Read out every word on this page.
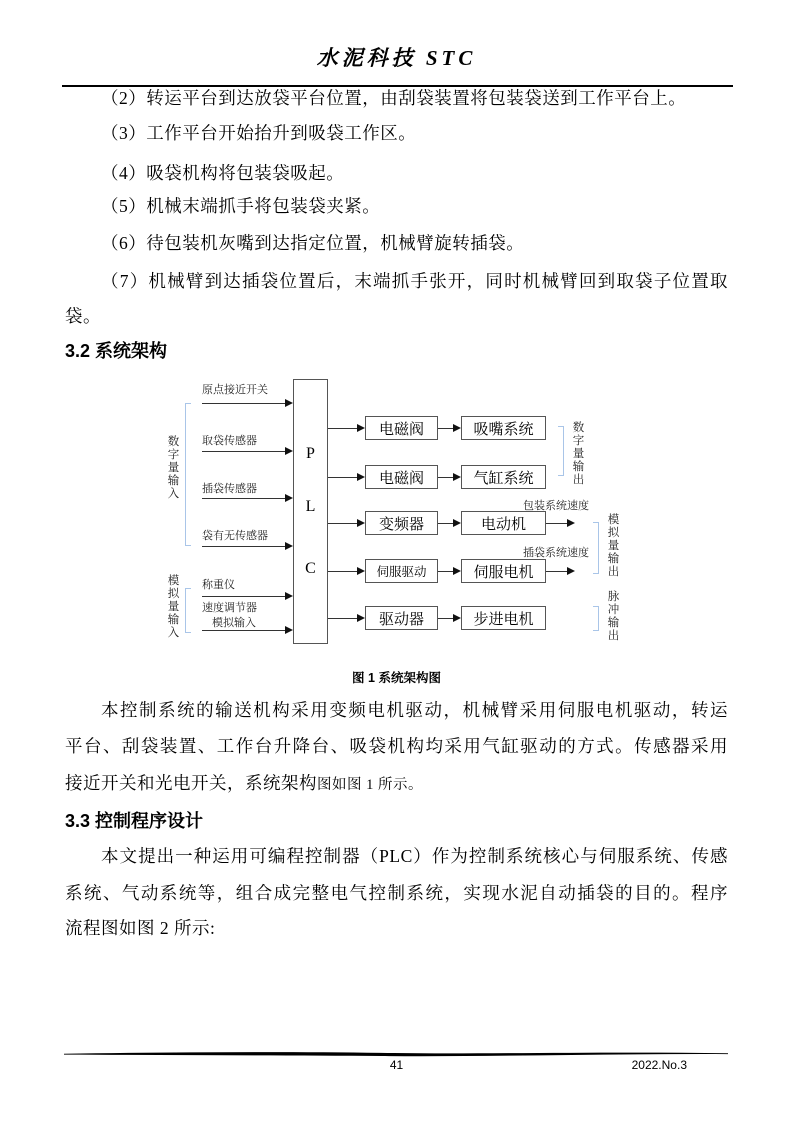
水泥科技 STC

（2）转运平台到达放袋平台位置，由刮袋装置将包装袋送到工作平台上。

（3）工作平台开始抬升到吸袋工作区。

（4）吸袋机构将包装袋吸起。

（5）机械末端抓手将包装袋夹紧。

（6）待包装机灰嘴到达指定位置，机械臂旋转插袋。

（7）机械臂到达插袋位置后，末端抓手张开，同时机械臂回到取袋子位置取

袋。

3.2 系统架构
数字量输入
模拟量输入
原点接近开关
取袋传感器
插袋传感器
袋有无传感器
称重仪
速度调节器
模拟输入
P
L
C
电磁阀	吸嘴系统
电磁阀	气缸系统
变频器	电动机
包装系统速度
伺服驱动	伺服电机
插袋系统速度
驱动器	步进电机
数字量输出
模拟量输出
脉冲输出
图 1 系统架构图

本控制系统的输送机构采用变频电机驱动，机械臂采用伺服电机驱动，转运

平台、刮袋装置、工作台升降台、吸袋机构均采用气缸驱动的方式。传感器采用

接近开关和光电开关，系统架构图如图 1 所示。

3.3 控制程序设计

本文提出一种运用可编程控制器（PLC）作为控制系统核心与伺服系统、传感

系统、气动系统等，组合成完整电气控制系统，实现水泥自动插袋的目的。程序

流程图如图 2 所示:

41	2022.No.3
